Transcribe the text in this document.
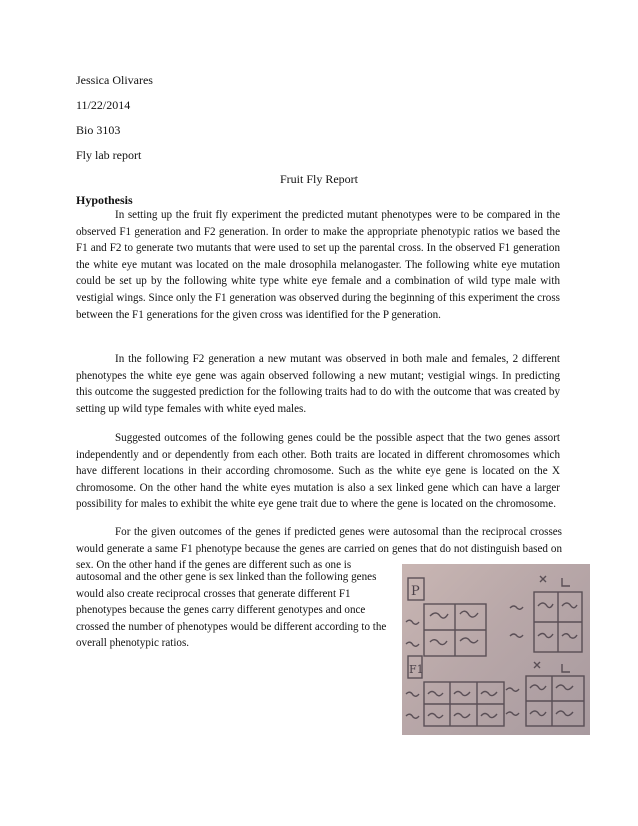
Jessica Olivares
11/22/2014
Bio 3103
Fly lab report
Fruit Fly Report
Hypothesis

In setting up the fruit fly experiment the predicted mutant phenotypes were to be compared in the observed F1 generation and F2 generation. In order to make the appropriate phenotypic ratios we based the F1 and F2 to generate two mutants that were used to set up the parental cross. In the observed F1 generation the white eye mutant was located on the male drosophila melanogaster. The following white eye mutation could be set up by the following white type white eye female and a combination of wild type male with vestigial wings. Since only the F1 generation was observed during the beginning of this experiment the cross between the F1 generations for the given cross was identified for the P generation.

In the following F2 generation a new mutant was observed in both male and females, 2 different phenotypes the white eye gene was again observed following a new mutant; vestigial wings. In predicting this outcome the suggested prediction for the following traits had to do with the outcome that was created by setting up wild type females with white eyed males.

Suggested outcomes of the following genes could be the possible aspect that the two genes assort independently and or dependently from each other. Both traits are located in different chromosomes which have different locations in their according chromosome. Such as the white eye gene is located on the X chromosome. On the other hand the white eyes mutation is also a sex linked gene which can have a larger possibility for males to exhibit the white eye gene trait due to where the gene is located on the chromosome.

For the given outcomes of the genes if predicted genes were autosomal than the reciprocal crosses would generate a same F1 phenotype because the genes are carried on genes that do not distinguish based on sex. On the other hand if the genes are different such as one is

autosomal and the other gene is sex linked than the following genes would also create reciprocal crosses that generate different F1 phenotypes because the genes carry different genotypes and once crossed the number of phenotypes would be different according to the overall phenotypic ratios.

P
F1
